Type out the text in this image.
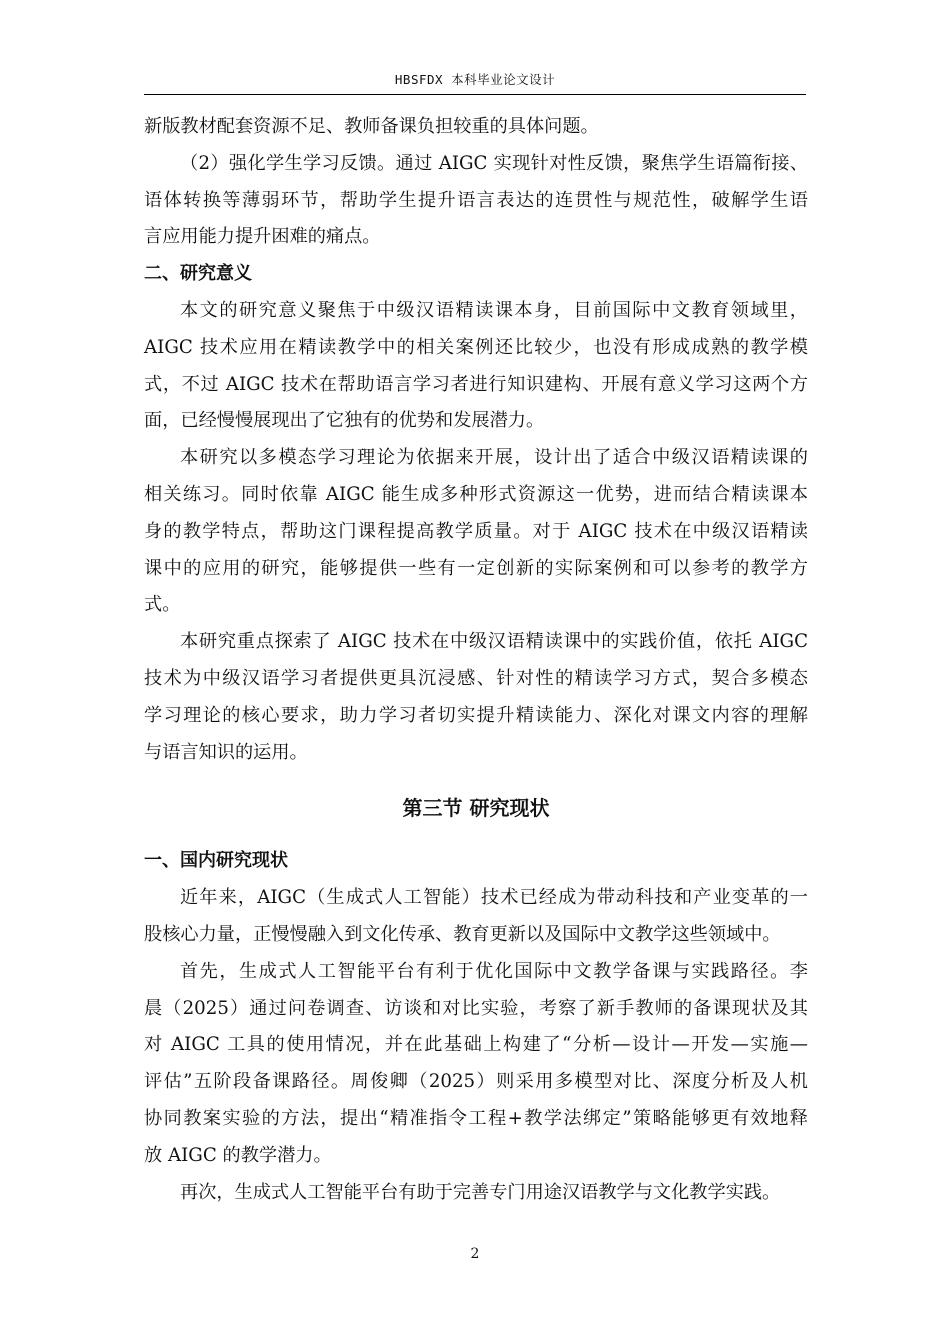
HBSFDX 本科毕业论文设计
新版教材配套资源不足、教师备课负担较重的具体问题。
（2）强化学生学习反馈。通过 AIGC 实现针对性反馈，聚焦学生语篇衔接、
语体转换等薄弱环节，帮助学生提升语言表达的连贯性与规范性，破解学生语
言应用能力提升困难的痛点。
二、研究意义
本文的研究意义聚焦于中级汉语精读课本身，目前国际中文教育领域里，
AIGC 技术应用在精读教学中的相关案例还比较少，也没有形成成熟的教学模
式，不过 AIGC 技术在帮助语言学习者进行知识建构、开展有意义学习这两个方
面，已经慢慢展现出了它独有的优势和发展潜力。
本研究以多模态学习理论为依据来开展，设计出了适合中级汉语精读课的
相关练习。同时依靠 AIGC 能生成多种形式资源这一优势，进而结合精读课本
身的教学特点，帮助这门课程提高教学质量。对于 AIGC 技术在中级汉语精读
课中的应用的研究，能够提供一些有一定创新的实际案例和可以参考的教学方
式。
本研究重点探索了 AIGC 技术在中级汉语精读课中的实践价值，依托 AIGC
技术为中级汉语学习者提供更具沉浸感、针对性的精读学习方式，契合多模态
学习理论的核心要求，助力学习者切实提升精读能力、深化对课文内容的理解
与语言知识的运用。
第三节 研究现状
一、国内研究现状
近年来，AIGC（生成式人工智能）技术已经成为带动科技和产业变革的一
股核心力量，正慢慢融入到文化传承、教育更新以及国际中文教学这些领域中。
首先，生成式人工智能平台有利于优化国际中文教学备课与实践路径。李
晨（2025）通过问卷调查、访谈和对比实验，考察了新手教师的备课现状及其
对 AIGC 工具的使用情况，并在此基础上构建了“分析—设计—开发—实施—
评估”五阶段备课路径。周俊卿（2025）则采用多模型对比、深度分析及人机
协同教案实验的方法，提出“精准指令工程+教学法绑定”策略能够更有效地释
放 AIGC 的教学潜力。
再次，生成式人工智能平台有助于完善专门用途汉语教学与文化教学实践。
2
